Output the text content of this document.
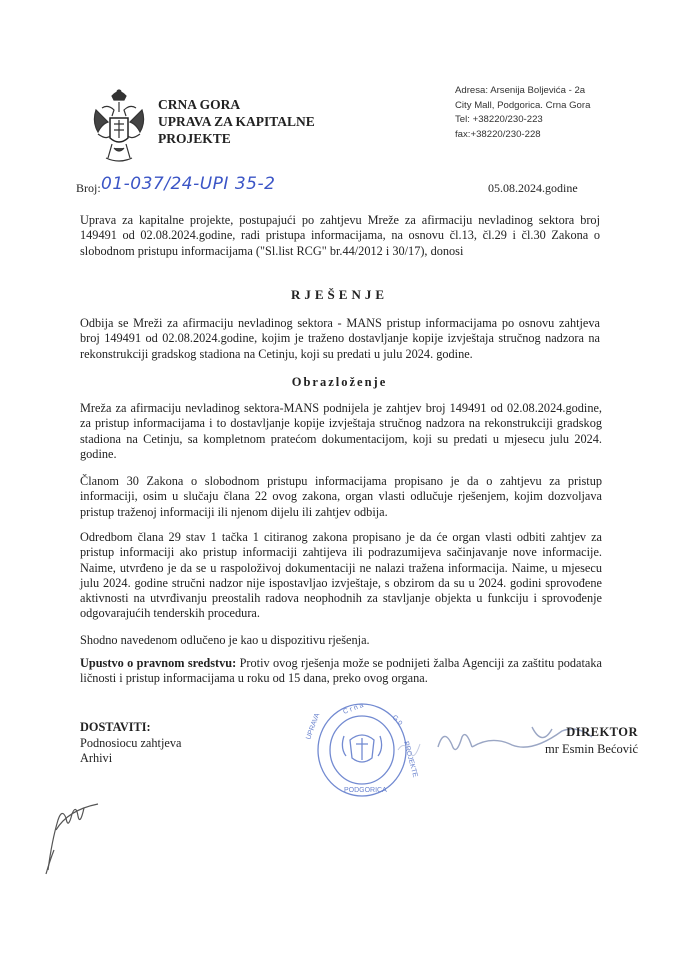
CRNA GORA
UPRAVA ZA KAPITALNE
PROJEKTE
Adresa: Arsenija Boljevića - 2a
City Mall, Podgorica. Crna Gora
Tel: +38220/230-223
fax:+38220/230-228
Broj: 01-037/24-UPI 35-2	05.08.2024.godine
Uprava za kapitalne projekte, postupajući po zahtjevu Mreže za afirmaciju nevladinog sektora broj 149491 od 02.08.2024.godine, radi pristupa informacijama, na osnovu čl.13, čl.29 i čl.30 Zakona o slobodnom pristupu informacijama ("Sl.list RCG" br.44/2012 i 30/17), donosi
RJEŠENJE
Odbija se Mreži za afirmaciju nevladinog sektora - MANS pristup informacijama po osnovu zahtjeva broj 149491 od 02.08.2024.godine, kojim je traženo dostavljanje kopije izvještaja stručnog nadzora na rekonstrukciji gradskog stadiona na Cetinju, koji su predati u julu 2024. godine.
Obrazloženje
Mreža za afirmaciju nevladinog sektora-MANS podnijela je zahtjev broj 149491 od 02.08.2024.godine, za pristup informacijama i to dostavljanje kopije izvještaja stručnog nadzora na rekonstrukciji gradskog stadiona na Cetinju, sa kompletnom pratećom dokumentacijom, koji su predati u mjesecu julu 2024. godine.
Članom 30 Zakona o slobodnom pristupu informacijama propisano je da o zahtjevu za pristup informaciji, osim u slučaju člana 22 ovog zakona, organ vlasti odlučuje rješenjem, kojim dozvoljava pristup traženoj informaciji ili njenom dijelu ili zahtjev odbija.
Odredbom člana 29 stav 1 tačka 1 citiranog zakona propisano je da će organ vlasti odbiti zahtjev za pristup informaciji ako pristup informaciji zahtijeva ili podrazumijeva sačinjavanje nove informacije. Naime, utvrđeno je da se u raspoloživoj dokumentaciji ne nalazi tražena informacija. Naime, u mjesecu julu 2024. godine stručni nadzor nije ispostavljao izvještaje, s obzirom da su u 2024. godini sprovođene aktivnosti na utvrđivanju preostalih radova neophodnih za stavljanje objekta u funkciju i sprovođenje odgovarajućih tenderskih procedura.
Shodno navedenom odlučeno je kao u dispozitivu rješenja.
Upustvo o pravnom sredstvu: Protiv ovog rješenja može se podnijeti žalba Agenciji za zaštitu podataka ličnosti i pristup informacijama u roku od 15 dana, preko ovog organa.
DOSTAVITI:
Podnosiocu zahtjeva
Arhivi
C r n a
G o
UPRAVA
PROJEKTE
PODGORICA
DIREKTOR
mr Esmin Bećović
